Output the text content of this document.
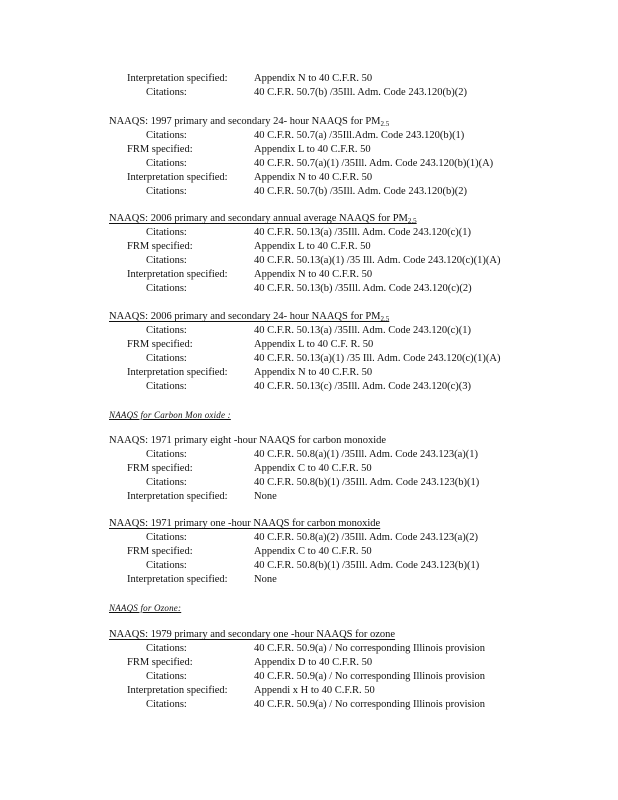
Interpretation specified:	Appendix N to 40 C.F.R. 50
Citations:	40 C.F.R. 50.7(b) /35Ill. Adm. Code 243.120(b)(2)
NAAQS: 1997 primary and secondary 24- hour NAAQS for $PM_{2.5}$
Citations:	40 C.F.R. 50.7(a) /35Ill.Adm. Code 243.120(b)(1)
FRM specified:	Appendix L to 40 C.F.R. 50
Citations:	40 C.F.R. 50.7(a)(1) /35Ill. Adm. Code 243.120(b)(1)(A)
Interpretation specified:	Appendix N to 40 C.F.R. 50
Citations:	40 C.F.R. 50.7(b) /35Ill. Adm. Code 243.120(b)(2)
NAAQS: 2006 primary and secondary annual average NAAQS for $PM_{2.5}$
Citations:	40 C.F.R. 50.13(a) /35Ill. Adm. Code 243.120(c)(1)
FRM specified:	Appendix L to 40 C.F.R. 50
Citations:	40 C.F.R. 50.13(a)(1) /35 Ill. Adm. Code 243.120(c)(1)(A)
Interpretation specified:	Appendix N to 40 C.F.R. 50
Citations:	40 C.F.R. 50.13(b) /35Ill. Adm. Code 243.120(c)(2)
NAAQS: 2006 primary and secondary 24- hour NAAQS for $PM_{2.5}$
Citations:	40 C.F.R. 50.13(a) /35Ill. Adm. Code 243.120(c)(1)
FRM specified:	Appendix L to 40 C.F. R. 50
Citations:	40 C.F.R. 50.13(a)(1) /35 Ill. Adm. Code 243.120(c)(1)(A)
Interpretation specified:	Appendix N to 40 C.F.R. 50
Citations:	40 C.F.R. 50.13(c) /35Ill. Adm. Code 243.120(c)(3)
NAAQS for Carbon Mon oxide :
NAAQS: 1971 primary eight -hour NAAQS for carbon monoxide
Citations:	40 C.F.R. 50.8(a)(1) /35Ill. Adm. Code 243.123(a)(1)
FRM specified:	Appendix C to 40 C.F.R. 50
Citations:	40 C.F.R. 50.8(b)(1) /35Ill. Adm. Code 243.123(b)(1)
Interpretation specified:	None
NAAQS: 1971 primary one -hour NAAQS for carbon monoxide
Citations:	40 C.F.R. 50.8(a)(2) /35Ill. Adm. Code 243.123(a)(2)
FRM specified:	Appendix C to 40 C.F.R. 50
Citations:	40 C.F.R. 50.8(b)(1) /35Ill. Adm. Code 243.123(b)(1)
Interpretation specified:	None
NAAQS for Ozone:
NAAQS: 1979 primary and secondary one -hour NAAQS for ozone
Citations:	40 C.F.R. 50.9(a) / No corresponding Illinois provision
FRM specified:	Appendix D to 40 C.F.R. 50
Citations:	40 C.F.R. 50.9(a) / No corresponding Illinois provision
Interpretation specified:	Appendi x H to 40 C.F.R. 50
Citations:	40 C.F.R. 50.9(a) / No corresponding Illinois provision
